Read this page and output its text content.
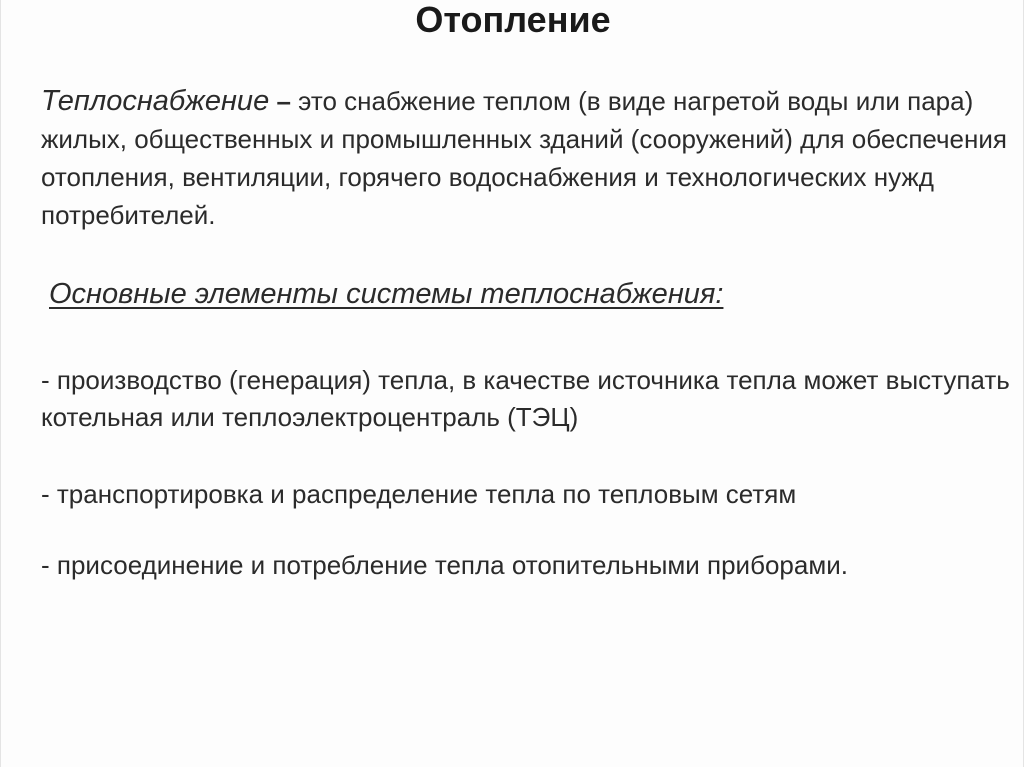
Отопление

Теплоснабжение – это снабжение теплом (в виде нагретой воды или пара) жилых, общественных и промышленных зданий (сооружений) для обеспечения отопления, вентиляции, горячего водоснабжения и технологических нужд потребителей.

Основные элементы системы теплоснабжения:

- производство (генерация) тепла, в качестве источника тепла может выступать котельная или теплоэлектроцентраль (ТЭЦ)

- транспортировка и распределение тепла по тепловым сетям

- присоединение и потребление тепла отопительными приборами.
